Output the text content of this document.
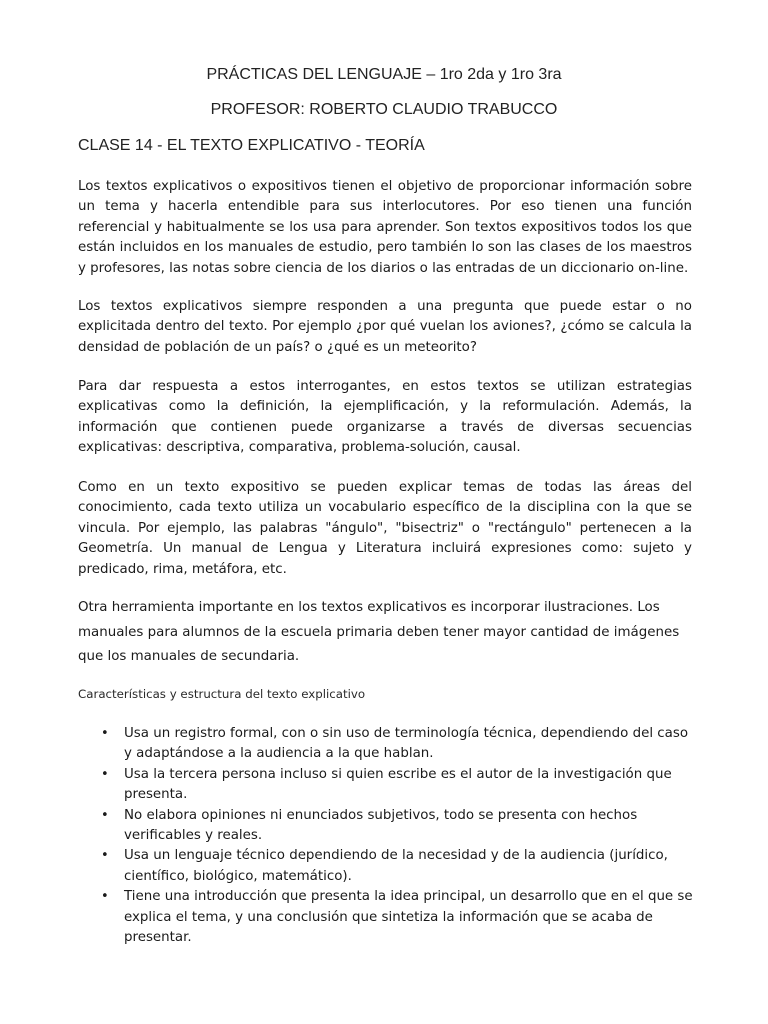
PRÁCTICAS DEL LENGUAJE – 1ro 2da y 1ro 3ra
PROFESOR: ROBERTO CLAUDIO TRABUCCO
CLASE 14 - EL TEXTO EXPLICATIVO - TEORÍA

Los textos explicativos o expositivos tienen el objetivo de proporcionar información sobre un tema y hacerla entendible para sus interlocutores. Por eso tienen una función referencial y habitualmente se los usa para aprender. Son textos expositivos todos los que están incluidos en los manuales de estudio, pero también lo son las clases de los maestros y profesores, las notas sobre ciencia de los diarios o las entradas de un diccionario on-line.

Los textos explicativos siempre responden a una pregunta que puede estar o no explicitada dentro del texto. Por ejemplo ¿por qué vuelan los aviones?, ¿cómo se calcula la densidad de población de un país? o ¿qué es un meteorito?

Para dar respuesta a estos interrogantes, en estos textos se utilizan estrategias explicativas como la definición, la ejemplificación, y la reformulación. Además, la información que contienen puede organizarse a través de diversas secuencias explicativas: descriptiva, comparativa, problema-solución, causal.

Como en un texto expositivo se pueden explicar temas de todas las áreas del conocimiento, cada texto utiliza un vocabulario específico de la disciplina con la que se vincula. Por ejemplo, las palabras "ángulo", "bisectriz" o "rectángulo" pertenecen a la Geometría. Un manual de Lengua y Literatura incluirá expresiones como: sujeto y predicado, rima, metáfora, etc.

Otra herramienta importante en los textos explicativos es incorporar ilustraciones. Los manuales para alumnos de la escuela primaria deben tener mayor cantidad de imágenes que los manuales de secundaria.

Características y estructura del texto explicativo

• Usa un registro formal, con o sin uso de terminología técnica, dependiendo del caso y adaptándose a la audiencia a la que hablan.
• Usa la tercera persona incluso si quien escribe es el autor de la investigación que presenta.
• No elabora opiniones ni enunciados subjetivos, todo se presenta con hechos verificables y reales.
• Usa un lenguaje técnico dependiendo de la necesidad y de la audiencia (jurídico, científico, biológico, matemático).
• Tiene una introducción que presenta la idea principal, un desarrollo que en el que se explica el tema, y una conclusión que sintetiza la información que se acaba de presentar.
